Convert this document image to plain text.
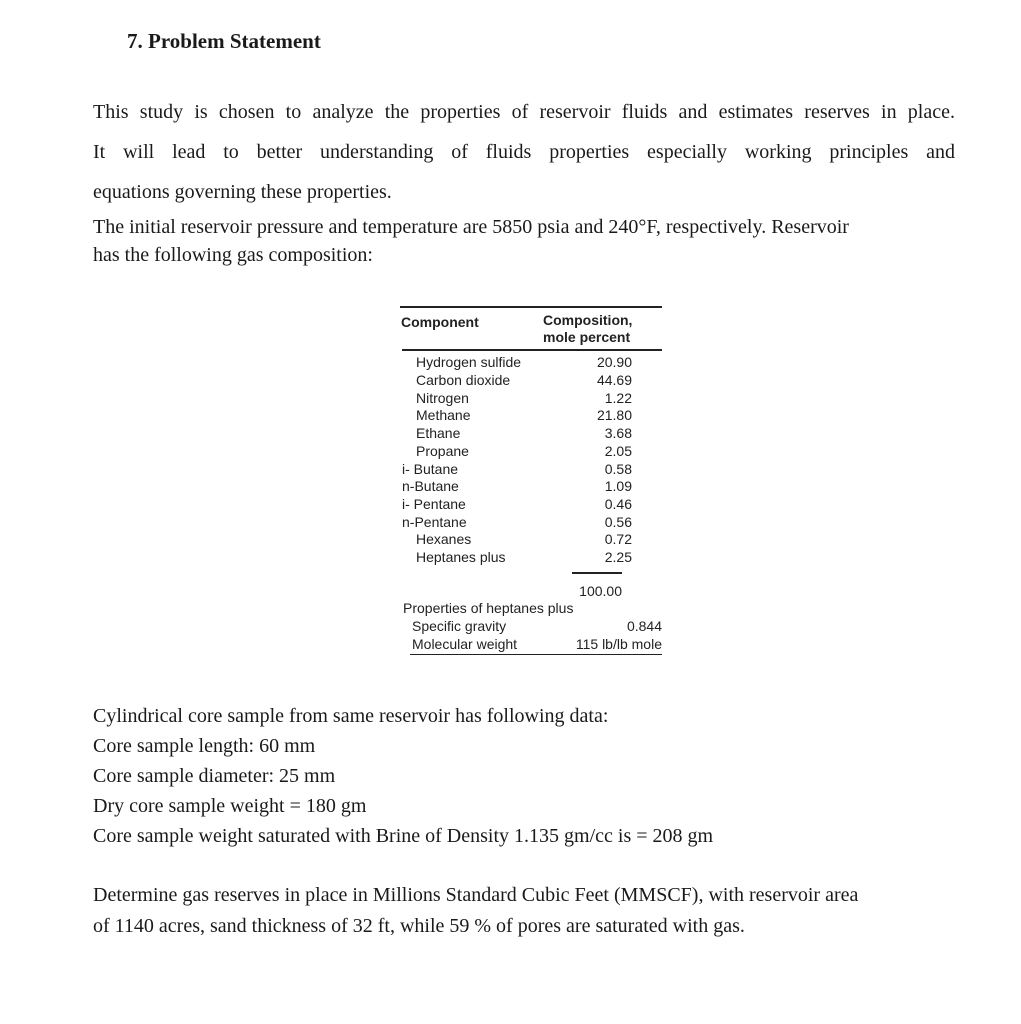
7. Problem Statement
This study is chosen to analyze the properties of reservoir fluids and estimates reserves in place.
It will lead to better understanding of fluids properties especially working principles and
equations governing these properties.
The initial reservoir pressure and temperature are 5850 psia and 240°F, respectively. Reservoir
has the following gas composition:
Component	Composition,
mole percent
Hydrogen sulfide	20.90
Carbon dioxide	44.69
Nitrogen	1.22
Methane	21.80
Ethane	3.68
Propane	2.05
i- Butane	0.58
n-Butane	1.09
i- Pentane	0.46
n-Pentane	0.56
Hexanes	0.72
Heptanes plus	2.25
100.00
Properties of heptanes plus
Specific gravity	0.844
Molecular weight	115 lb/lb mole
Cylindrical core sample from same reservoir has following data:
Core sample length: 60 mm
Core sample diameter: 25 mm
Dry core sample weight = 180 gm
Core sample weight saturated with Brine of Density 1.135 gm/cc is = 208 gm
Determine gas reserves in place in Millions Standard Cubic Feet (MMSCF), with reservoir area
of 1140 acres, sand thickness of 32 ft, while 59 % of pores are saturated with gas.
